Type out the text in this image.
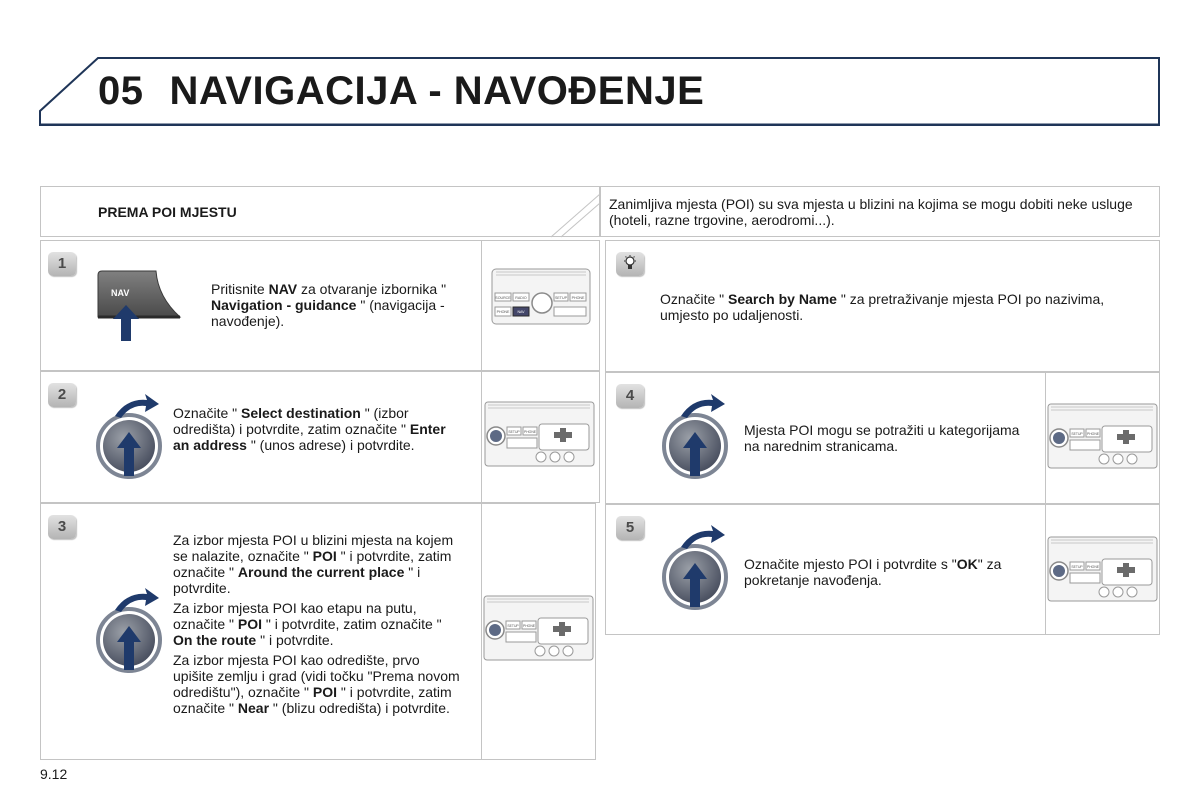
05 NAVIGACIJA - NAVOĐENJE
PREMA POI MJESTU	Zanimljiva mjesta (POI) su sva mjesta u blizini na kojima se mogu dobiti neke usluge (hoteli, razne trgovine, aerodromi...).
1
NAV	Pritisnite NAV za otvaranje izbornika " Navigation - guidance " (navigacija - navođenje).
SOURCE RADIO	SETUP PHONE
PHONE NAV
2
Označite " Select destination " (izbor odredišta) i potvrdite, zatim označite " Enter an address " (unos adrese) i potvrdite.
SETUP PHONE
3

Za izbor mjesta POI u blizini mjesta na kojem se nalazite, označite " POI " i potvrdite, zatim označite " Around the current place " i potvrdite.

Za izbor mjesta POI kao etapu na putu, označite " POI " i potvrdite, zatim označite " On the route " i potvrdite.

Za izbor mjesta POI kao odredište, prvo upišite zemlju i grad (vidi točku "Prema novom odredištu"), označite " POI " i potvrdite, zatim označite " Near " (blizu odredišta) i potvrdite.

SETUP PHONE
Označite " Search by Name " za pretraživanje mjesta POI po nazivima, umjesto po udaljenosti.
4
Mjesta POI mogu se potražiti u kategorijama na narednim stranicama.
SETUP PHONE
5
Označite mjesto POI i potvrdite s "OK" za pokretanje navođenja.
SETUP PHONE
9.12
